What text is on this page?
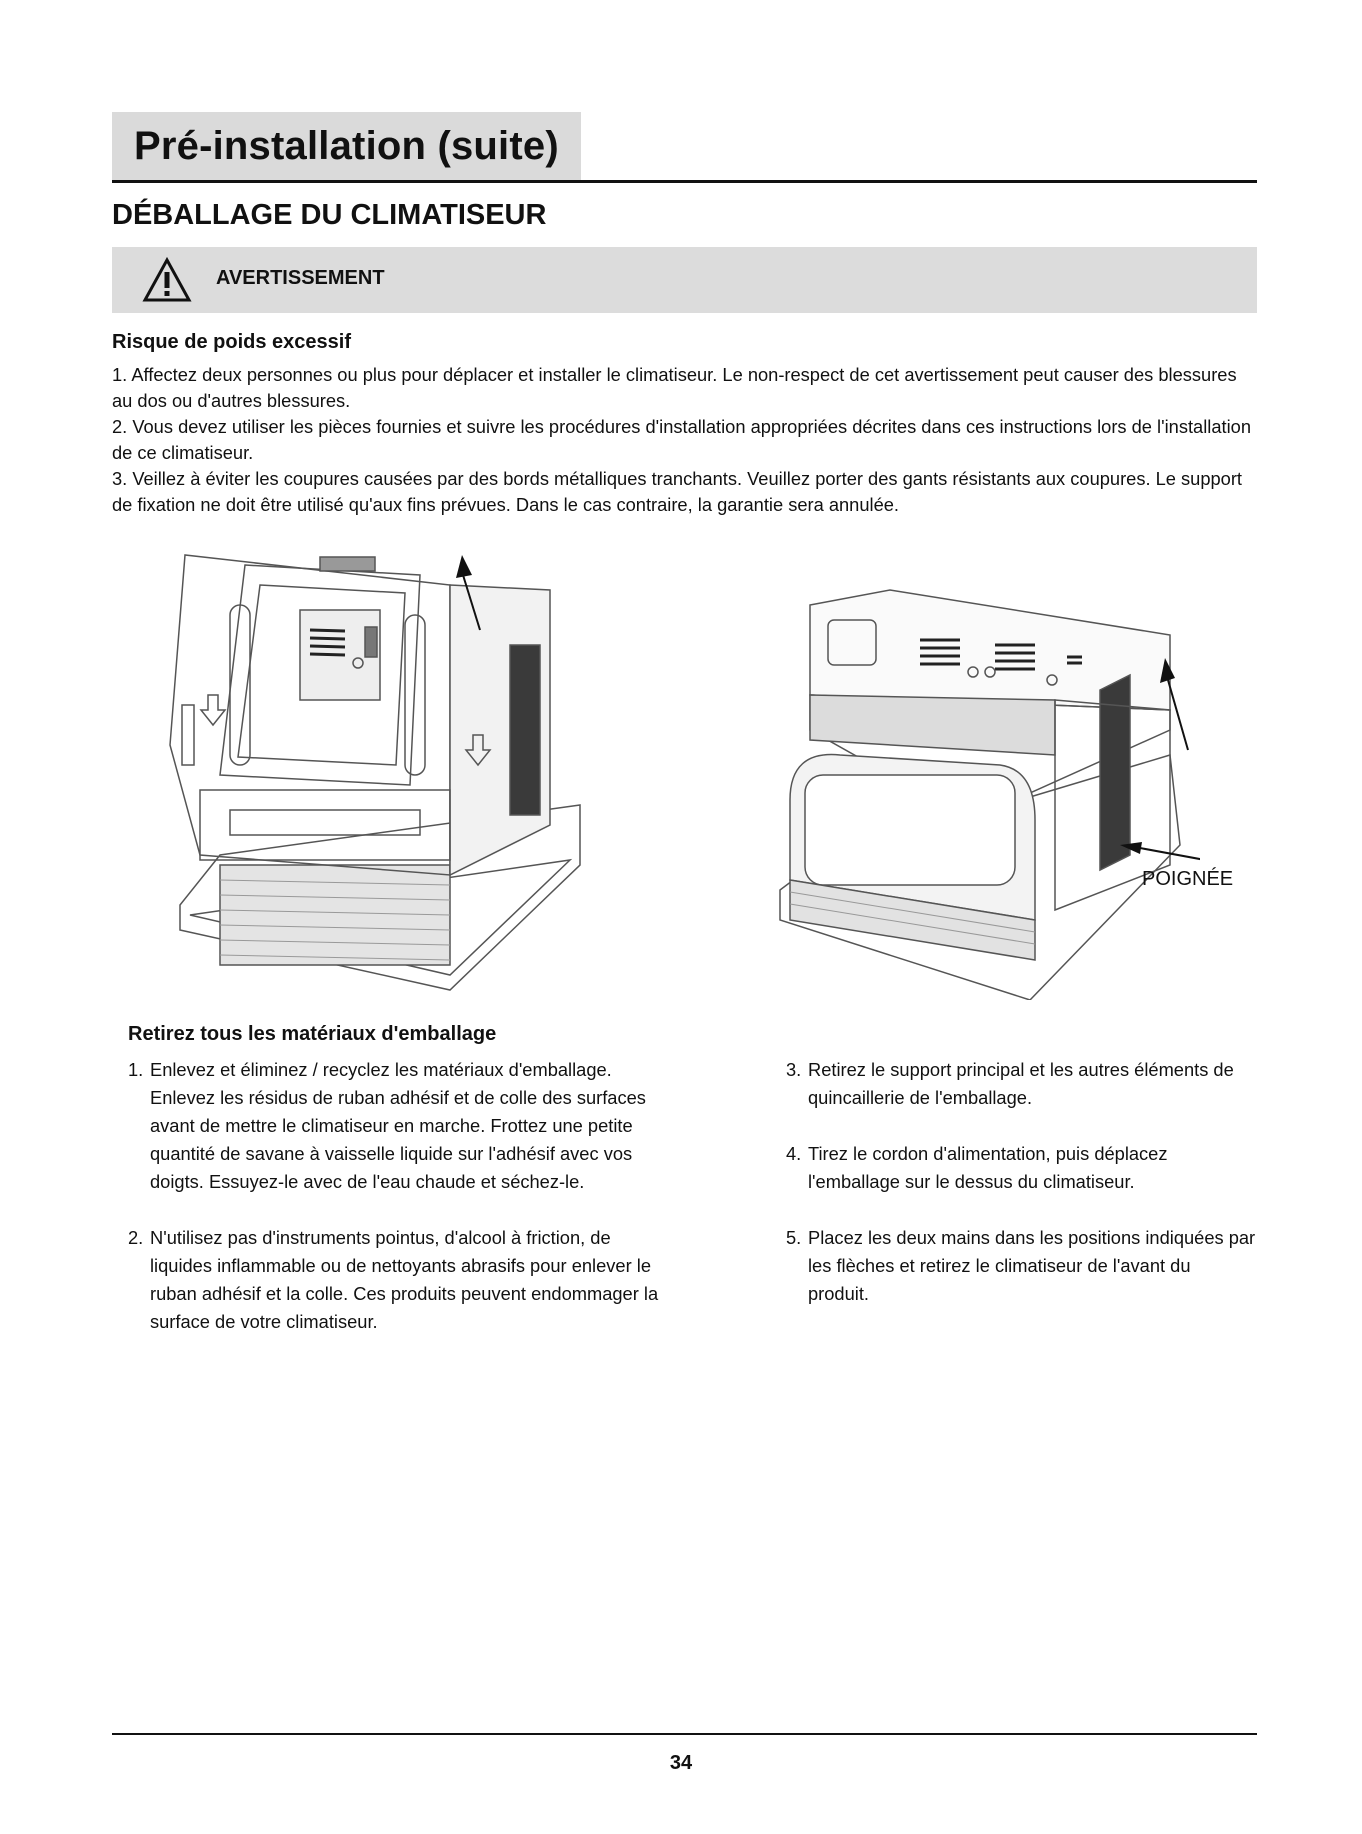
Pré-installation (suite)
DÉBALLAGE DU CLIMATISEUR
AVERTISSEMENT
Risque de poids excessif

1. Affectez deux personnes ou plus pour déplacer et installer le climatiseur. Le non-respect de cet avertissement peut causer des blessures au dos ou d'autres blessures.

2. Vous devez utiliser les pièces fournies et suivre les procédures d'installation appropriées décrites dans ces instructions lors de l'installation de ce climatiseur.

3. Veillez à éviter les coupures causées par des bords métalliques tranchants. Veuillez porter des gants résistants aux coupures. Le support de fixation ne doit être utilisé qu'aux fins prévues. Dans le cas contraire, la garantie sera annulée.

POIGNÉE
Retirez tous les matériaux d'emballage
1. Enlevez et éliminez / recyclez les matériaux d'emballage. Enlevez les résidus de ruban adhésif et de colle des surfaces avant de mettre le climatiseur en marche. Frottez une petite quantité de savane à vaisselle liquide sur l'adhésif avec vos doigts. Essuyez-le avec de l'eau chaude et séchez-le.
2. N'utilisez pas d'instruments pointus, d'alcool à friction, de liquides inflammable ou de nettoyants abrasifs pour enlever le ruban adhésif et la colle. Ces produits peuvent endommager la surface de votre climatiseur.
3. Retirez le support principal et les autres éléments de quincaillerie de l'emballage.
4. Tirez le cordon d'alimentation, puis déplacez l'emballage sur le dessus du climatiseur.
5. Placez les deux mains dans les positions indiquées par les flèches et retirez le climatiseur de l'avant du produit.
34
